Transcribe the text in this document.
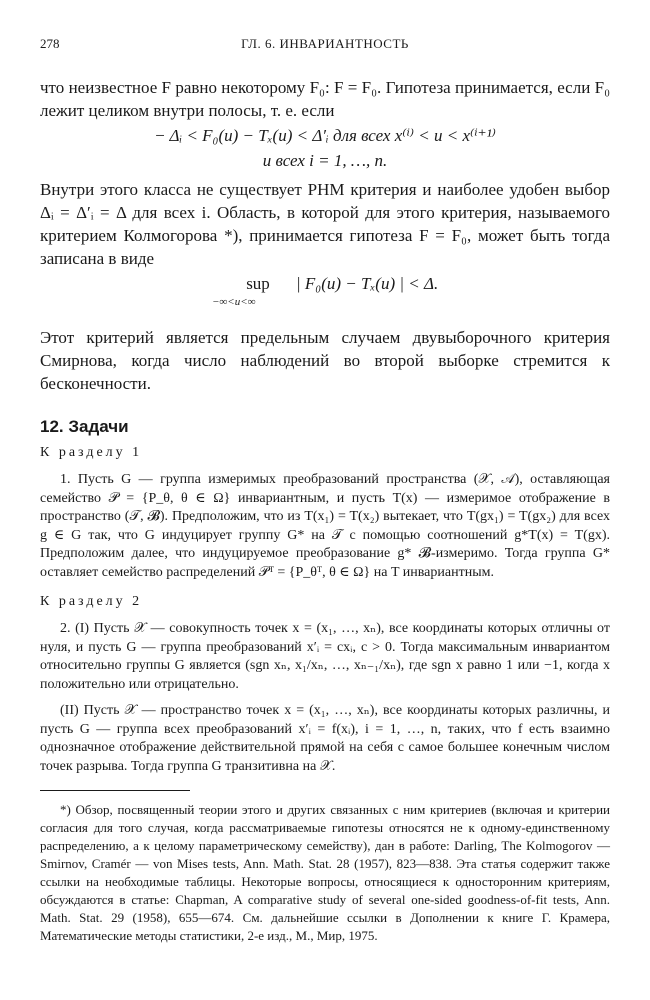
278	ГЛ. 6. ИНВАРИАНТНОСТЬ

что неизвестное F равно некоторому F₀: F = F₀. Гипотеза принимается, если F₀ лежит целиком внутри полосы, т. е. если

− Δᵢ < F₀(u) − Tₓ(u) < Δ′ᵢ для всех x⁽ⁱ⁾ < u < x⁽ⁱ⁺¹⁾
и всех i = 1, …, n.

Внутри этого класса не существует РНМ критерия и наиболее удобен выбор Δᵢ = Δ′ᵢ = Δ для всех i. Область, в которой для этого критерия, называемого критерием Колмогорова *), принимается гипотеза F = F₀, может быть тогда записана в виде

sup
−∞<u<∞
| F₀(u) − Tₓ(u) | < Δ.

Этот критерий является предельным случаем двувыборочного критерия Смирнова, когда число наблюдений во второй выборке стремится к бесконечности.

12. Задачи
К разделу 1

1. Пусть G — группа измеримых преобразований пространства (𝒳, 𝒜), оставляющая семейство 𝒫 = {P_θ, θ ∈ Ω} инвариантным, и пусть T(x) — измеримое отображение в пространство (𝒯, 𝓑). Предположим, что из T(x₁) = T(x₂) вытекает, что T(gx₁) = T(gx₂) для всех g ∈ G так, что G индуцирует группу G* на 𝒯 с помощью соотношений g*T(x) = T(gx). Предположим далее, что индуцируемое преобразование g* 𝓑-измеримо. Тогда группа G* оставляет семейство распределений 𝒫ᵀ = {P_θᵀ, θ ∈ Ω} на T инвариантным.

К разделу 2

2. (I) Пусть 𝒳 — совокупность точек x = (x₁, …, xₙ), все координаты которых отличны от нуля, и пусть G — группа преобразований x′ᵢ = cxᵢ, c > 0. Тогда максимальным инвариантом относительно группы G является (sgn xₙ, x₁/xₙ, …, xₙ₋₁/xₙ), где sgn x равно 1 или −1, когда x положительно или отрицательно.

(II) Пусть 𝒳 — пространство точек x = (x₁, …, xₙ), все координаты которых различны, и пусть G — группа всех преобразований x′ᵢ = f(xᵢ), i = 1, …, n, таких, что f есть взаимно однозначное отображение действительной прямой на себя с самое большее конечным числом точек разрыва. Тогда группа G транзитивна на 𝒳.

*) Обзор, посвященный теории этого и других связанных с ним критериев (включая и критерии согласия для того случая, когда рассматриваемые гипотезы относятся не к одному-единственному распределению, а к целому параметрическому семейству), дан в работе: Darling, The Kolmogorov — Smirnov, Cramér — von Mises tests, Ann. Math. Stat. 28 (1957), 823—838. Эта статья содержит также ссылки на необходимые таблицы. Некоторые вопросы, относящиеся к односторонним критериям, обсуждаются в статье: Chapman, A comparative study of several one-sided goodness-of-fit tests, Ann. Math. Stat. 29 (1958), 655—674. См. дальнейшие ссылки в Дополнении к книге Г. Крамера, Математические методы статистики, 2-е изд., М., Мир, 1975.
